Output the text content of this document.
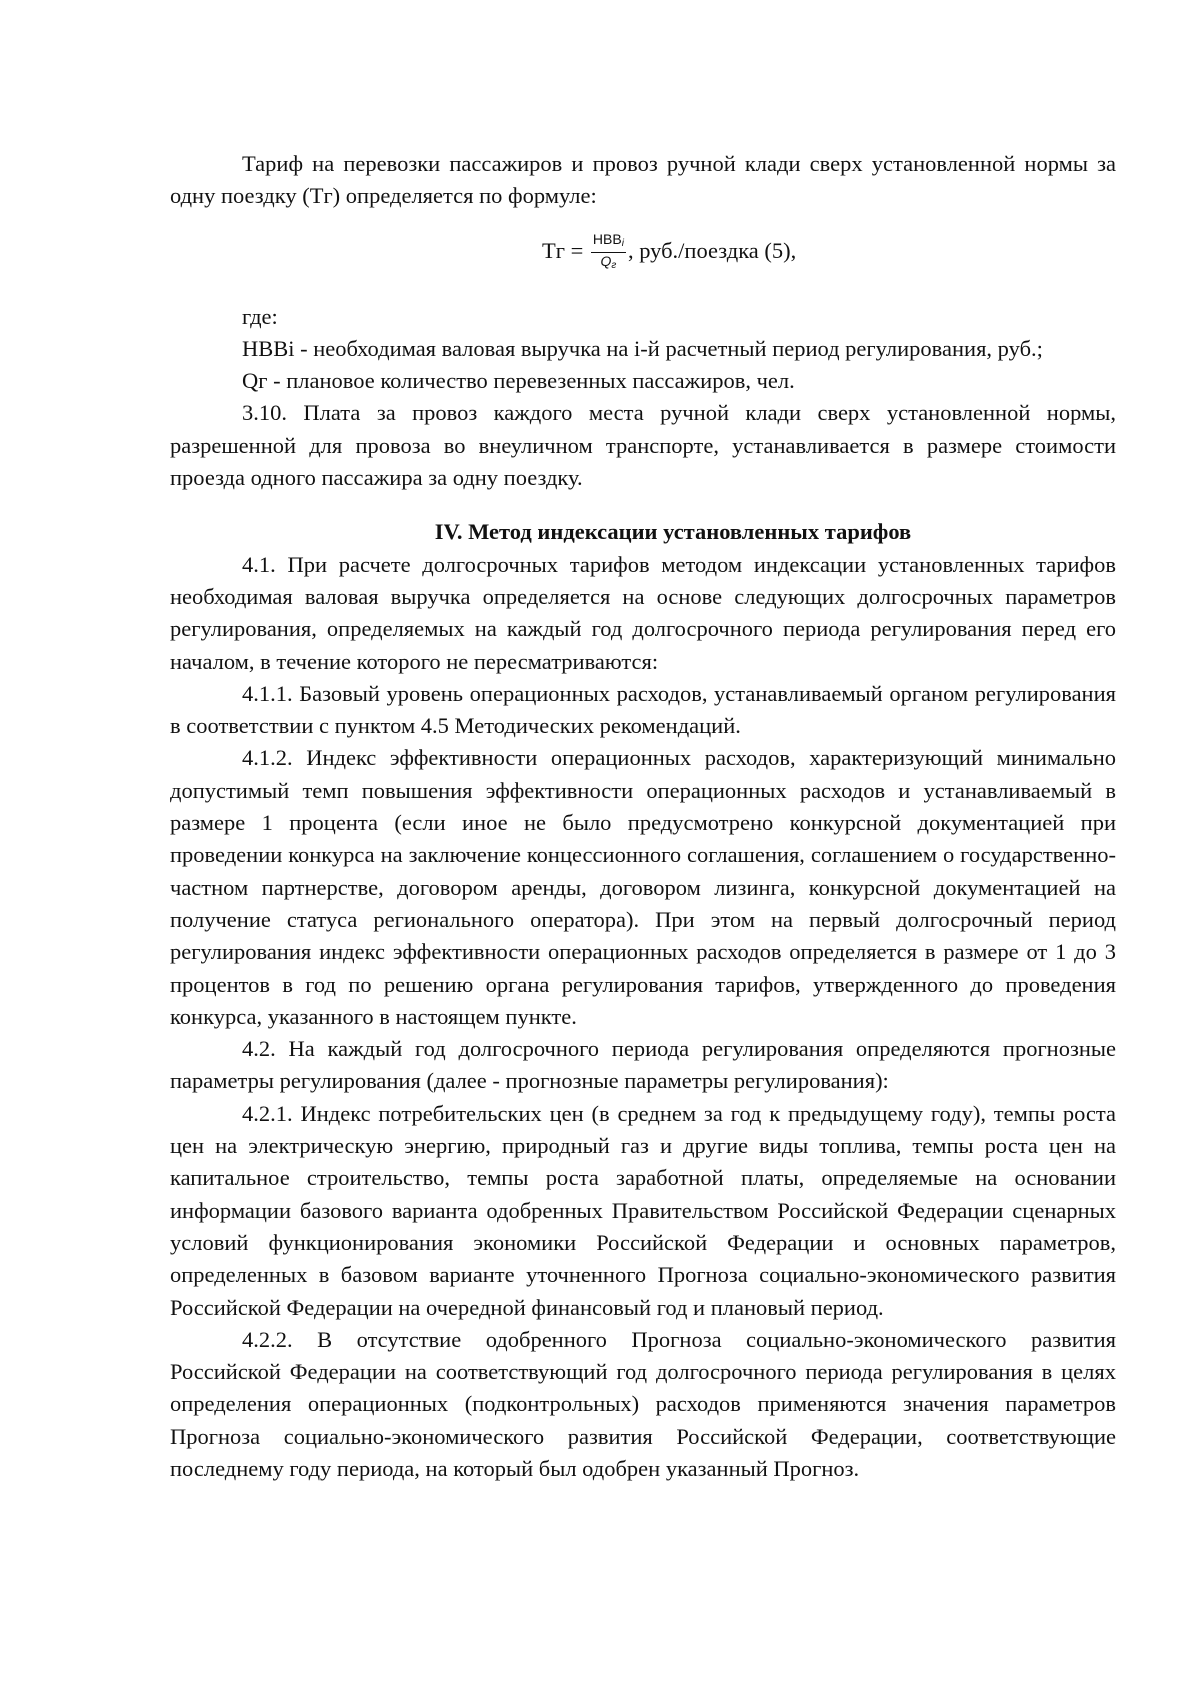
Тариф на перевозки пассажиров и провоз ручной клади сверх установленной нормы за одну поездку (Тг) определяется по формуле:

Тг = $\frac{НВВ_i}{Q_г}$ , руб./поездка (5),

где:

НВВi - необходимая валовая выручка на i-й расчетный период регулирования, руб.;

Qг - плановое количество перевезенных пассажиров, чел.

3.10. Плата за провоз каждого места ручной клади сверх установленной нормы, разрешенной для провоза во внеуличном транспорте, устанавливается в размере стоимости проезда одного пассажира за одну поездку.

IV. Метод индексации установленных тарифов

4.1. При расчете долгосрочных тарифов методом индексации установленных тарифов необходимая валовая выручка определяется на основе следующих долгосрочных параметров регулирования, определяемых на каждый год долгосрочного периода регулирования перед его началом, в течение которого не пересматриваются:

4.1.1. Базовый уровень операционных расходов, устанавливаемый органом регулирования в соответствии с пунктом 4.5 Методических рекомендаций.

4.1.2. Индекс эффективности операционных расходов, характеризующий минимально допустимый темп повышения эффективности операционных расходов и устанавливаемый в размере 1 процента (если иное не было предусмотрено конкурсной документацией при проведении конкурса на заключение концессионного соглашения, соглашением о государственно-частном партнерстве, договором аренды, договором лизинга, конкурсной документацией на получение статуса регионального оператора). При этом на первый долгосрочный период регулирования индекс эффективности операционных расходов определяется в размере от 1 до 3 процентов в год по решению органа регулирования тарифов, утвержденного до проведения конкурса, указанного в настоящем пункте.

4.2. На каждый год долгосрочного периода регулирования определяются прогнозные параметры регулирования (далее - прогнозные параметры регулирования):

4.2.1. Индекс потребительских цен (в среднем за год к предыдущему году), темпы роста цен на электрическую энергию, природный газ и другие виды топлива, темпы роста цен на капитальное строительство, темпы роста заработной платы, определяемые на основании информации базового варианта одобренных Правительством Российской Федерации сценарных условий функционирования экономики Российской Федерации и основных параметров, определенных в базовом варианте уточненного Прогноза социально-экономического развития Российской Федерации на очередной финансовый год и плановый период.

4.2.2. В отсутствие одобренного Прогноза социально-экономического развития Российской Федерации на соответствующий год долгосрочного периода регулирования в целях определения операционных (подконтрольных) расходов применяются значения параметров Прогноза социально-экономического развития Российской Федерации, соответствующие последнему году периода, на который был одобрен указанный Прогноз.
